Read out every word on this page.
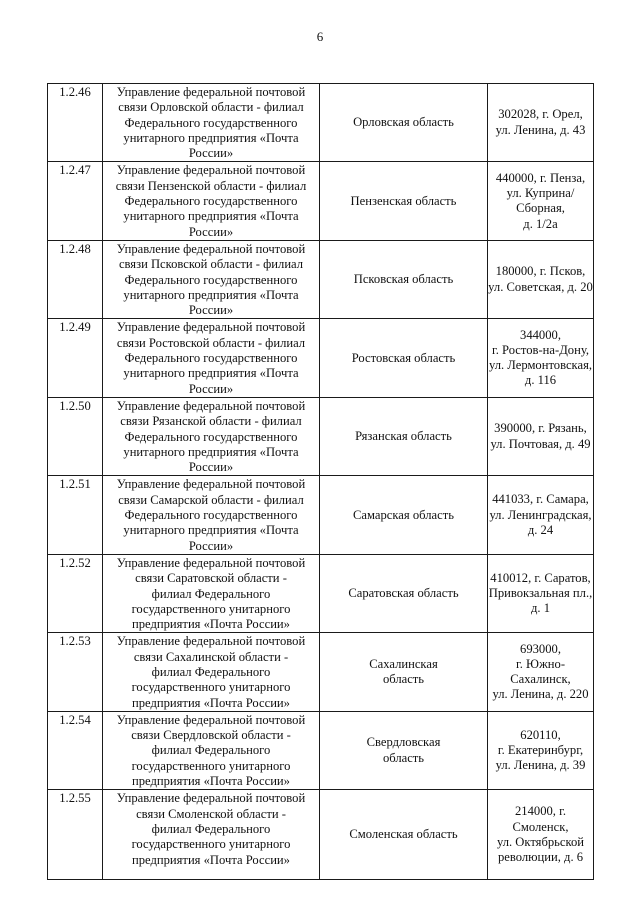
6
1.2.46	Управление федеральной почтовой
связи Орловской области - филиал
Федерального государственного
унитарного предприятия «Почта
России»	Орловская область	302028, г. Орел,
ул. Ленина, д. 43

1.2.47	Управление федеральной почтовой
связи Пензенской области - филиал
Федерального государственного
унитарного предприятия «Почта
России»	Пензенская область	440000, г. Пенза,
ул. Куприна/Сборная,
д. 1/2а

1.2.48	Управление федеральной почтовой
связи Псковской области - филиал
Федерального государственного
унитарного предприятия «Почта
России»	Псковская область	180000, г. Псков,
ул. Советская, д. 20

1.2.49	Управление федеральной почтовой
связи Ростовской области - филиал
Федерального государственного
унитарного предприятия «Почта
России»	Ростовская область	344000,
г. Ростов-на-Дону,
ул. Лермонтовская,
д. 116

1.2.50	Управление федеральной почтовой
связи Рязанской области - филиал
Федерального государственного
унитарного предприятия «Почта
России»	Рязанская область	390000, г. Рязань,
ул. Почтовая, д. 49

1.2.51	Управление федеральной почтовой
связи Самарской области - филиал
Федерального государственного
унитарного предприятия «Почта
России»	Самарская область	441033, г. Самара,
ул. Ленинградская,
д. 24

1.2.52	Управление федеральной почтовой
связи Саратовской области -
филиал Федерального
государственного унитарного
предприятия «Почта России»	Саратовская область	410012, г. Саратов,
Привокзальная пл.,
д. 1

1.2.53	Управление федеральной почтовой
связи Сахалинской области -
филиал Федерального
государственного унитарного
предприятия «Почта России»	Сахалинская
область	693000,
г. Южно-Сахалинск,
ул. Ленина, д. 220

1.2.54	Управление федеральной почтовой
связи Свердловской области -
филиал Федерального
государственного унитарного
предприятия «Почта России»	Свердловская
область	620110,
г. Екатеринбург,
ул. Ленина, д. 39

1.2.55	Управление федеральной почтовой
связи Смоленской области -
филиал Федерального
государственного унитарного
предприятия «Почта России»	Смоленская область	214000, г. Смоленск,
ул. Октябрьской
революции, д. 6
